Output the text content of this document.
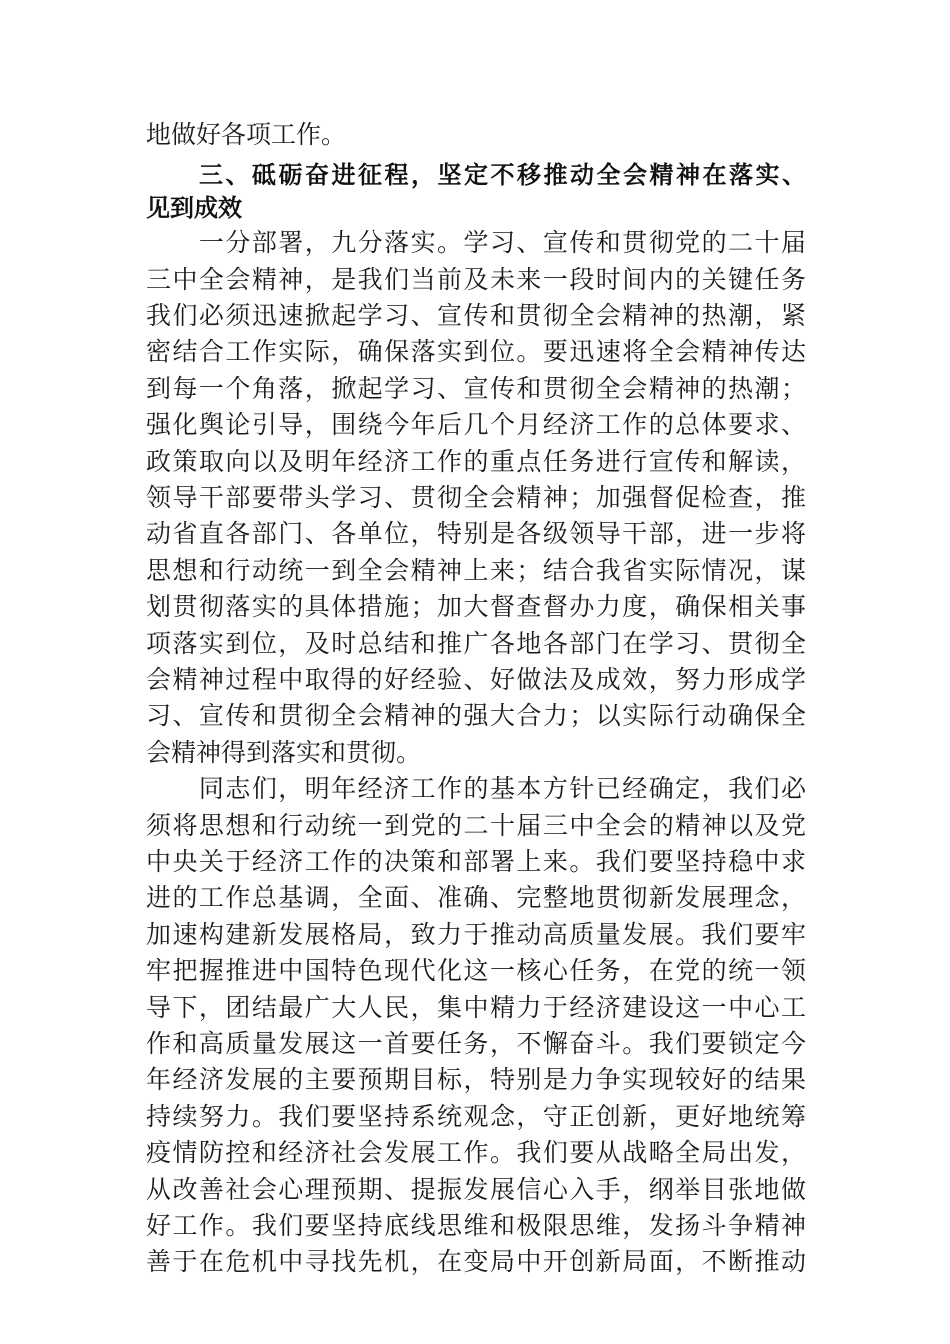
地做好各项工作。
　　三、砥砺奋进征程，坚定不移推动全会精神在落实、
见到成效
　　一分部署，九分落实。学习、宣传和贯彻党的二十届
三中全会精神，是我们当前及未来一段时间内的关键任务
我们必须迅速掀起学习、宣传和贯彻全会精神的热潮，紧
密结合工作实际，确保落实到位。要迅速将全会精神传达
到每一个角落，掀起学习、宣传和贯彻全会精神的热潮；
强化舆论引导，围绕今年后几个月经济工作的总体要求、
政策取向以及明年经济工作的重点任务进行宣传和解读，
领导干部要带头学习、贯彻全会精神；加强督促检查，推
动省直各部门、各单位，特别是各级领导干部，进一步将
思想和行动统一到全会精神上来；结合我省实际情况，谋
划贯彻落实的具体措施；加大督查督办力度，确保相关事
项落实到位，及时总结和推广各地各部门在学习、贯彻全
会精神过程中取得的好经验、好做法及成效，努力形成学
习、宣传和贯彻全会精神的强大合力；以实际行动确保全
会精神得到落实和贯彻。
　　同志们，明年经济工作的基本方针已经确定，我们必
须将思想和行动统一到党的二十届三中全会的精神以及党
中央关于经济工作的决策和部署上来。我们要坚持稳中求
进的工作总基调，全面、准确、完整地贯彻新发展理念，
加速构建新发展格局，致力于推动高质量发展。我们要牢
牢把握推进中国特色现代化这一核心任务，在党的统一领
导下，团结最广大人民，集中精力于经济建设这一中心工
作和高质量发展这一首要任务，不懈奋斗。我们要锁定今
年经济发展的主要预期目标，特别是力争实现较好的结果
持续努力。我们要坚持系统观念，守正创新，更好地统筹
疫情防控和经济社会发展工作。我们要从战略全局出发，
从改善社会心理预期、提振发展信心入手，纲举目张地做
好工作。我们要坚持底线思维和极限思维，发扬斗争精神
善于在危机中寻找先机，在变局中开创新局面，不断推动
